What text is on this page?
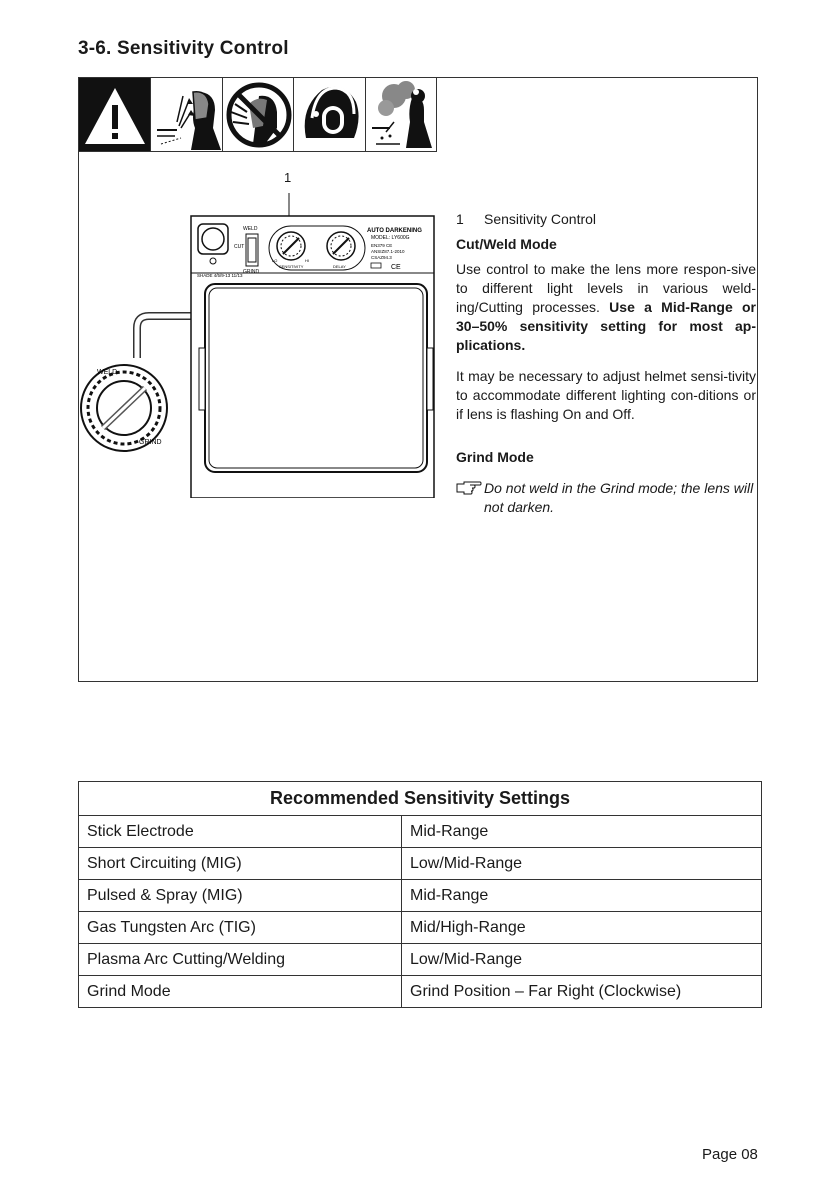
3-6. Sensitivity Control
1
WELD
GRIND
WELD
CUT
GRIND
LO	HI
SENSITIVITY	DELAY
AUTO DARKENING
MODEL: LY600G
EN379 CE
ANSIZ87.1-2010
CSAZ94.3
CE
SHADE 4/5/9-13 11/13
1	Sensitivity Control
Cut/Weld Mode
Use control to make the lens more respon-sive to different light levels in various weld-ing/Cutting processes. Use a Mid-Range or 30–50% sensitivity setting for most ap-plications.
It may be necessary to adjust helmet sensi-tivity to accommodate different lighting con-ditions or if lens is flashing On and Off.
Grind Mode
Do not weld in the Grind mode; the lens will not darken.
Recommended Sensitivity Settings	
Stick Electrode	Mid-Range
Short Circuiting (MIG)	Low/Mid-Range
Pulsed & Spray (MIG)	Mid-Range
Gas Tungsten Arc (TIG)	Mid/High-Range
Plasma Arc Cutting/Welding	Low/Mid-Range
Grind Mode	Grind Position – Far Right (Clockwise)
Page 08
